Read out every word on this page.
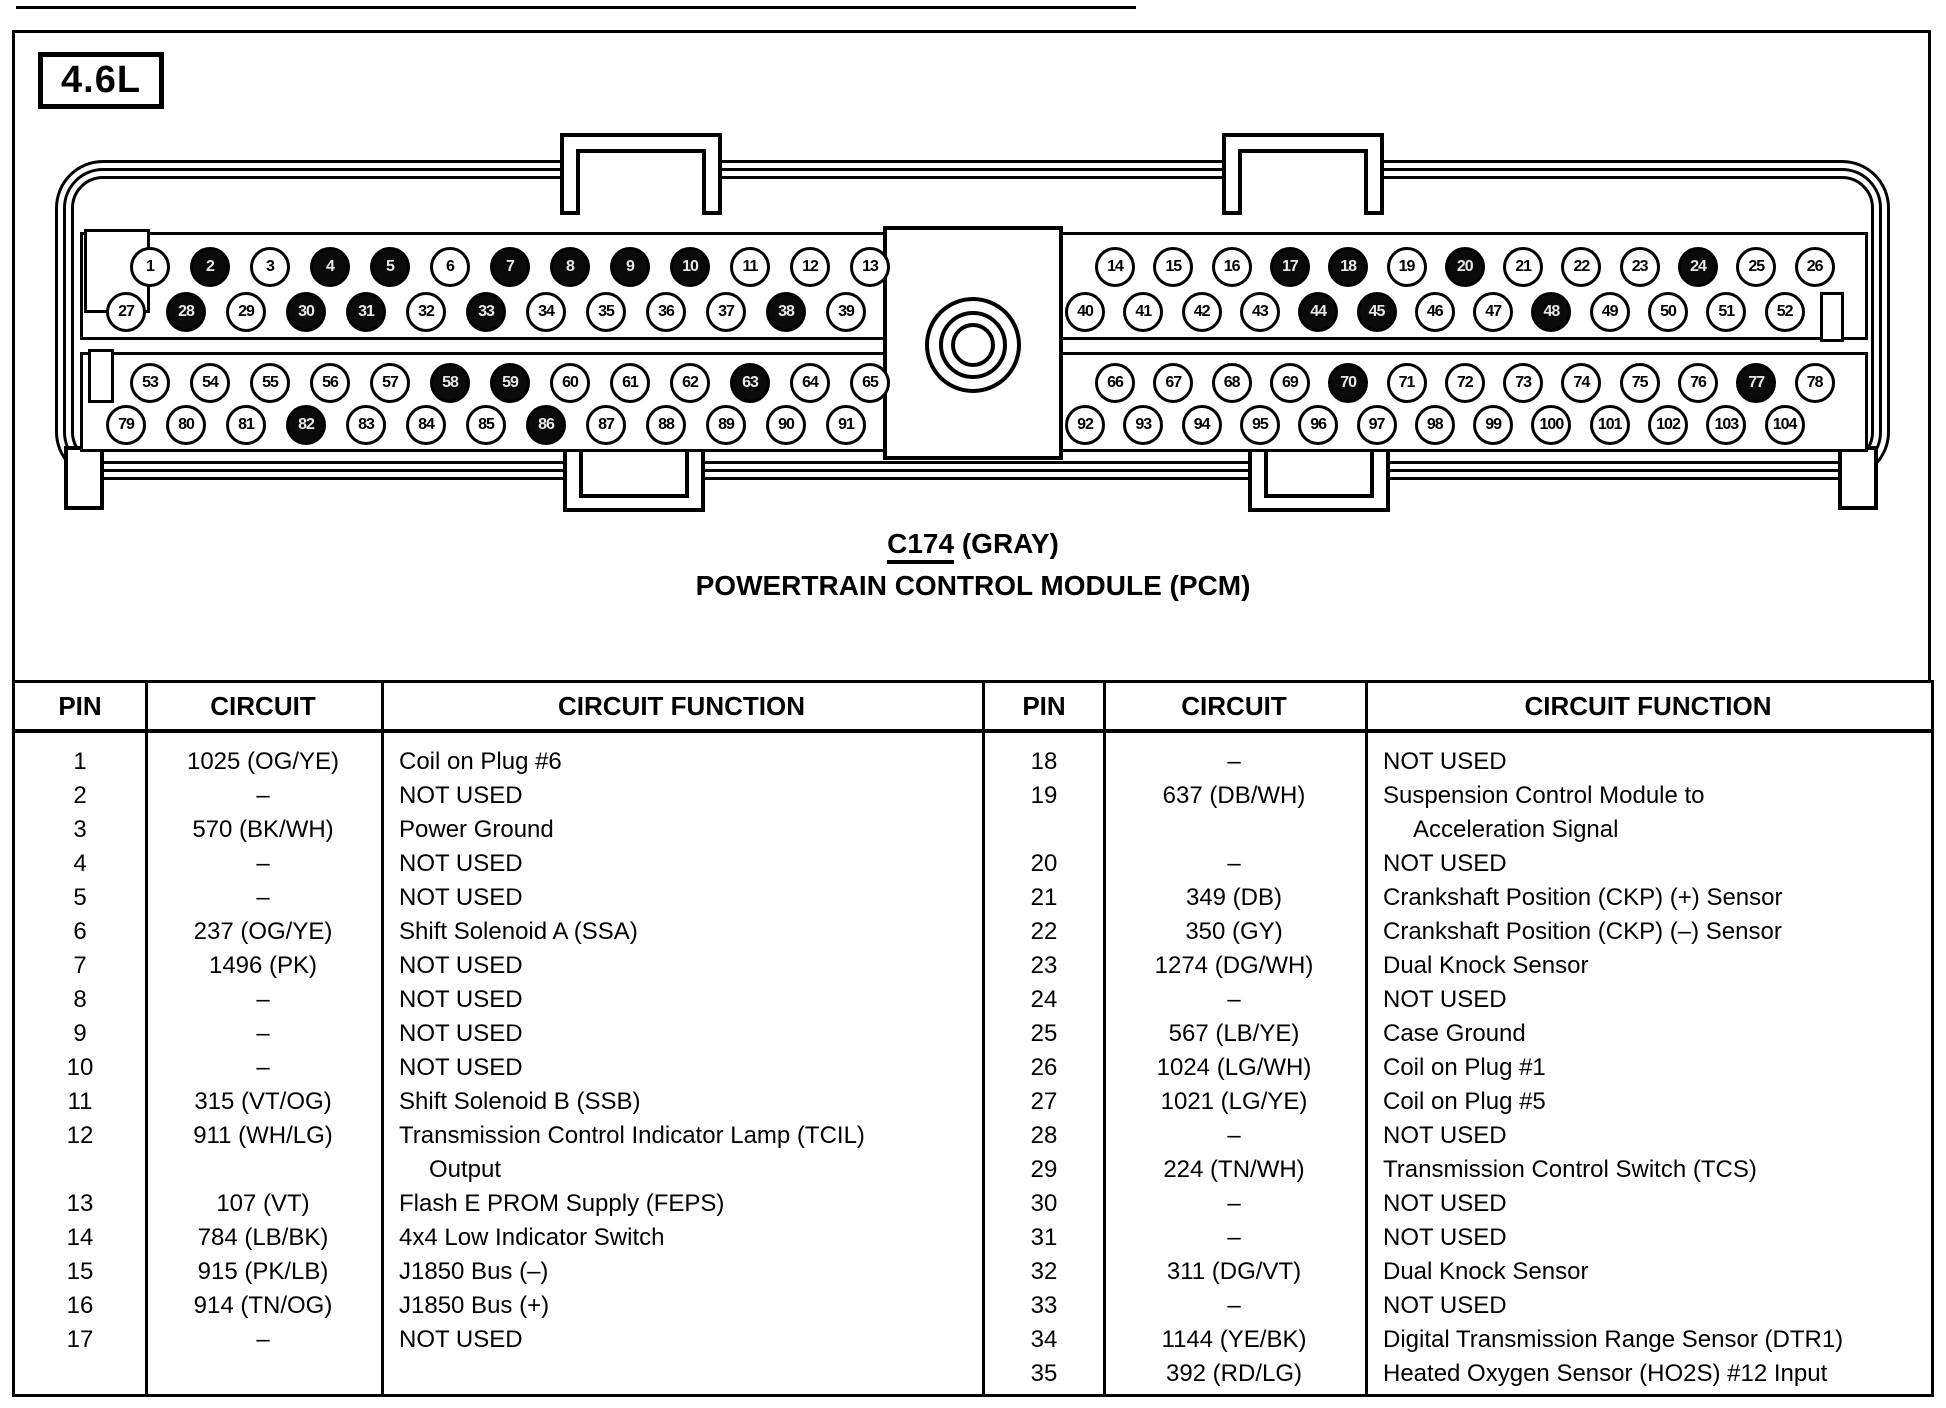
4.6L
1	2	3	4	5	6	7	8	9	10	11	12	13	14	15	16	17	18	19	20	21	22	23	24	25	26
27	28	29	30	31	32	33	34	35	36	37	38	39	40	41	42	43	44	45	46	47	48	49	50	51	52
53	54	55	56	57	58	59	60	61	62	63	64	65	66	67	68	69	70	71	72	73	74	75	76	77	78
79	80	81	82	83	84	85	86	87	88	89	90	91	92	93	94	95	96	97	98	99	100	101	102	103	104
C174 (GRAY)
POWERTRAIN CONTROL MODULE (PCM)
PIN	CIRCUIT	CIRCUIT FUNCTION
1	1025 (OG/YE)	Coil on Plug #6
2	–	NOT USED
3	570 (BK/WH)	Power Ground
4	–	NOT USED
5	–	NOT USED
6	237 (OG/YE)	Shift Solenoid A (SSA)
7	1496 (PK)	NOT USED
8	–	NOT USED
9	–	NOT USED
10	–	NOT USED
11	315 (VT/OG)	Shift Solenoid B (SSB)
12	911 (WH/LG)	Transmission Control Indicator Lamp (TCIL)
Output
13	107 (VT)	Flash E PROM Supply (FEPS)
14	784 (LB/BK)	4x4 Low Indicator Switch
15	915 (PK/LB)	J1850 Bus (–)
16	914 (TN/OG)	J1850 Bus (+)
17	–	NOT USED
PIN	CIRCUIT	CIRCUIT FUNCTION
18	–	NOT USED
19	637 (DB/WH)	Suspension Control Module to
Acceleration Signal
20	–	NOT USED
21	349 (DB)	Crankshaft Position (CKP) (+) Sensor
22	350 (GY)	Crankshaft Position (CKP) (–) Sensor
23	1274 (DG/WH)	Dual Knock Sensor
24	–	NOT USED
25	567 (LB/YE)	Case Ground
26	1024 (LG/WH)	Coil on Plug #1
27	1021 (LG/YE)	Coil on Plug #5
28	–	NOT USED
29	224 (TN/WH)	Transmission Control Switch (TCS)
30	–	NOT USED
31	–	NOT USED
32	311 (DG/VT)	Dual Knock Sensor
33	–	NOT USED
34	1144 (YE/BK)	Digital Transmission Range Sensor (DTR1)
35	392 (RD/LG)	Heated Oxygen Sensor (HO2S) #12 Input
